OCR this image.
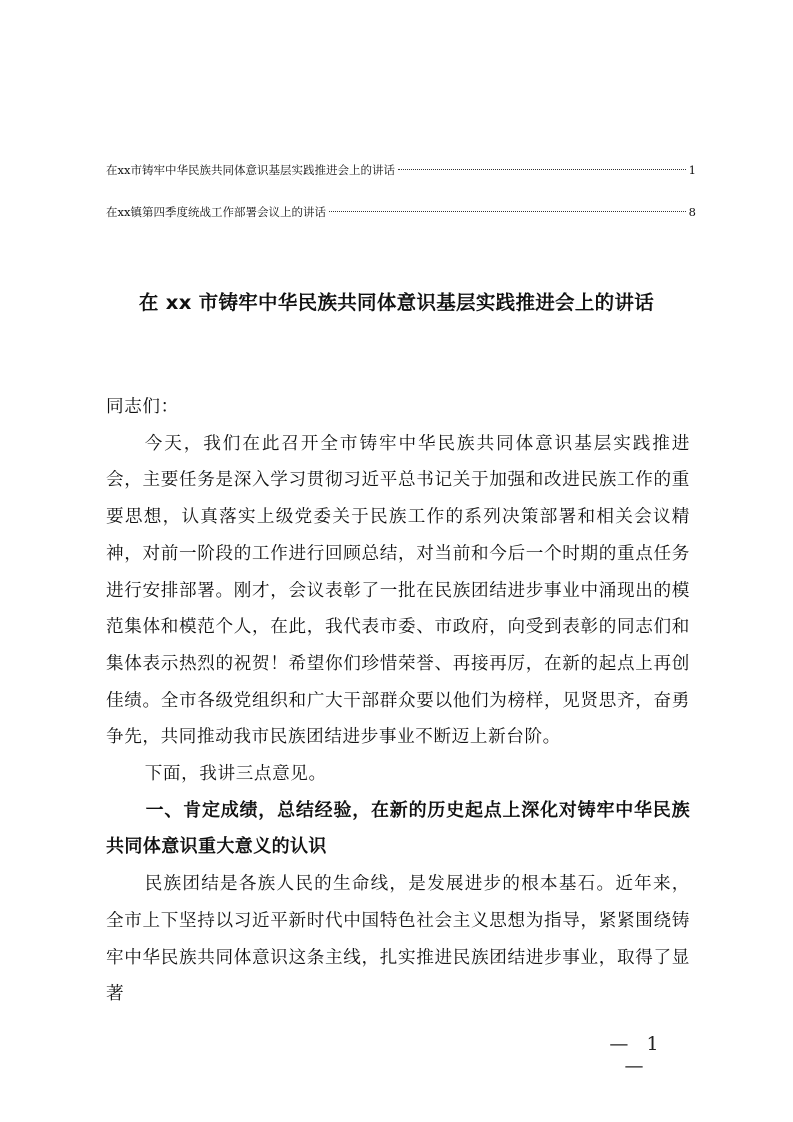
在xx市铸牢中华民族共同体意识基层实践推进会上的讲话	1
在xx镇第四季度统战工作部署会议上的讲话	8
在 xx 市铸牢中华民族共同体意识基层实践推进会上的讲话

同志们：

今天，我们在此召开全市铸牢中华民族共同体意识基层实践推进会，主要任务是深入学习贯彻习近平总书记关于加强和改进民族工作的重要思想，认真落实上级党委关于民族工作的系列决策部署和相关会议精神，对前一阶段的工作进行回顾总结，对当前和今后一个时期的重点任务进行安排部署。刚才，会议表彰了一批在民族团结进步事业中涌现出的模范集体和模范个人，在此，我代表市委、市政府，向受到表彰的同志们和集体表示热烈的祝贺！希望你们珍惜荣誉、再接再厉，在新的起点上再创佳绩。全市各级党组织和广大干部群众要以他们为榜样，见贤思齐，奋勇争先，共同推动我市民族团结进步事业不断迈上新台阶。

下面，我讲三点意见。

一、肯定成绩，总结经验，在新的历史起点上深化对铸牢中华民族共同体意识重大意义的认识

民族团结是各族人民的生命线，是发展进步的根本基石。近年来，全市上下坚持以习近平新时代中国特色社会主义思想为指导，紧紧围绕铸牢中华民族共同体意识这条主线，扎实推进民族团结进步事业，取得了显著

— 1 —
